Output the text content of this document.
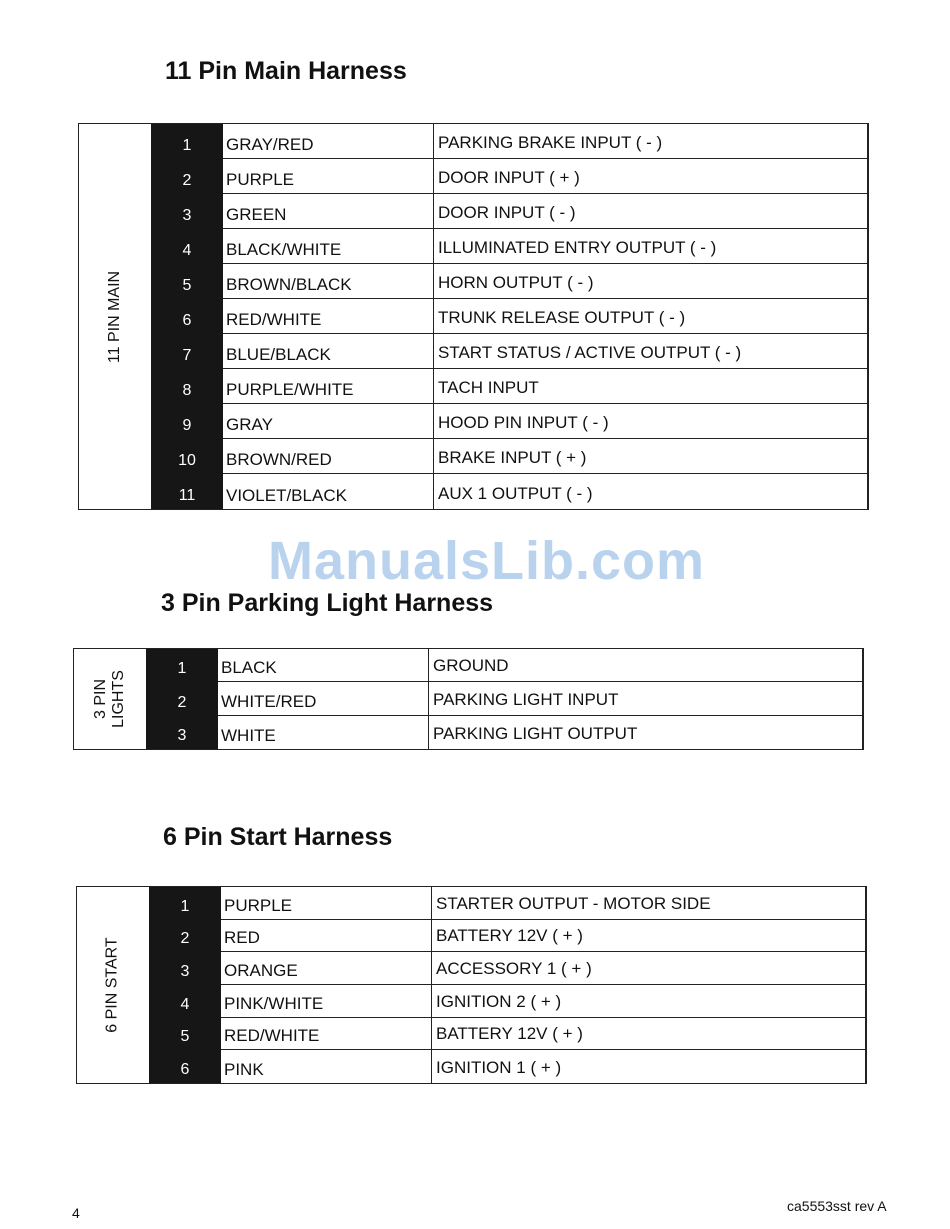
11 Pin Main Harness
11 PIN MAIN
1	GRAY/RED	PARKING BRAKE INPUT ( - )
2	PURPLE	DOOR INPUT ( + )
3	GREEN	DOOR INPUT ( - )
4	BLACK/WHITE	ILLUMINATED ENTRY OUTPUT ( - )
5	BROWN/BLACK	HORN OUTPUT ( - )
6	RED/WHITE	TRUNK RELEASE OUTPUT ( - )
7	BLUE/BLACK	START STATUS / ACTIVE OUTPUT ( - )
8	PURPLE/WHITE	TACH INPUT
9	GRAY	HOOD PIN INPUT ( - )
10	BROWN/RED	BRAKE INPUT ( + )
11	VIOLET/BLACK	AUX 1 OUTPUT ( - )
ManualsLib.com
3 Pin Parking Light Harness
3 PIN LIGHTS
1	BLACK	GROUND
2	WHITE/RED	PARKING LIGHT INPUT
3	WHITE	PARKING LIGHT OUTPUT
6 Pin Start Harness
6 PIN START
1	PURPLE	STARTER OUTPUT - MOTOR SIDE
2	RED	BATTERY 12V ( + )
3	ORANGE	ACCESSORY 1 ( + )
4	PINK/WHITE	IGNITION 2 ( + )
5	RED/WHITE	BATTERY 12V ( + )
6	PINK	IGNITION 1 ( + )
4	ca5553sst rev A
